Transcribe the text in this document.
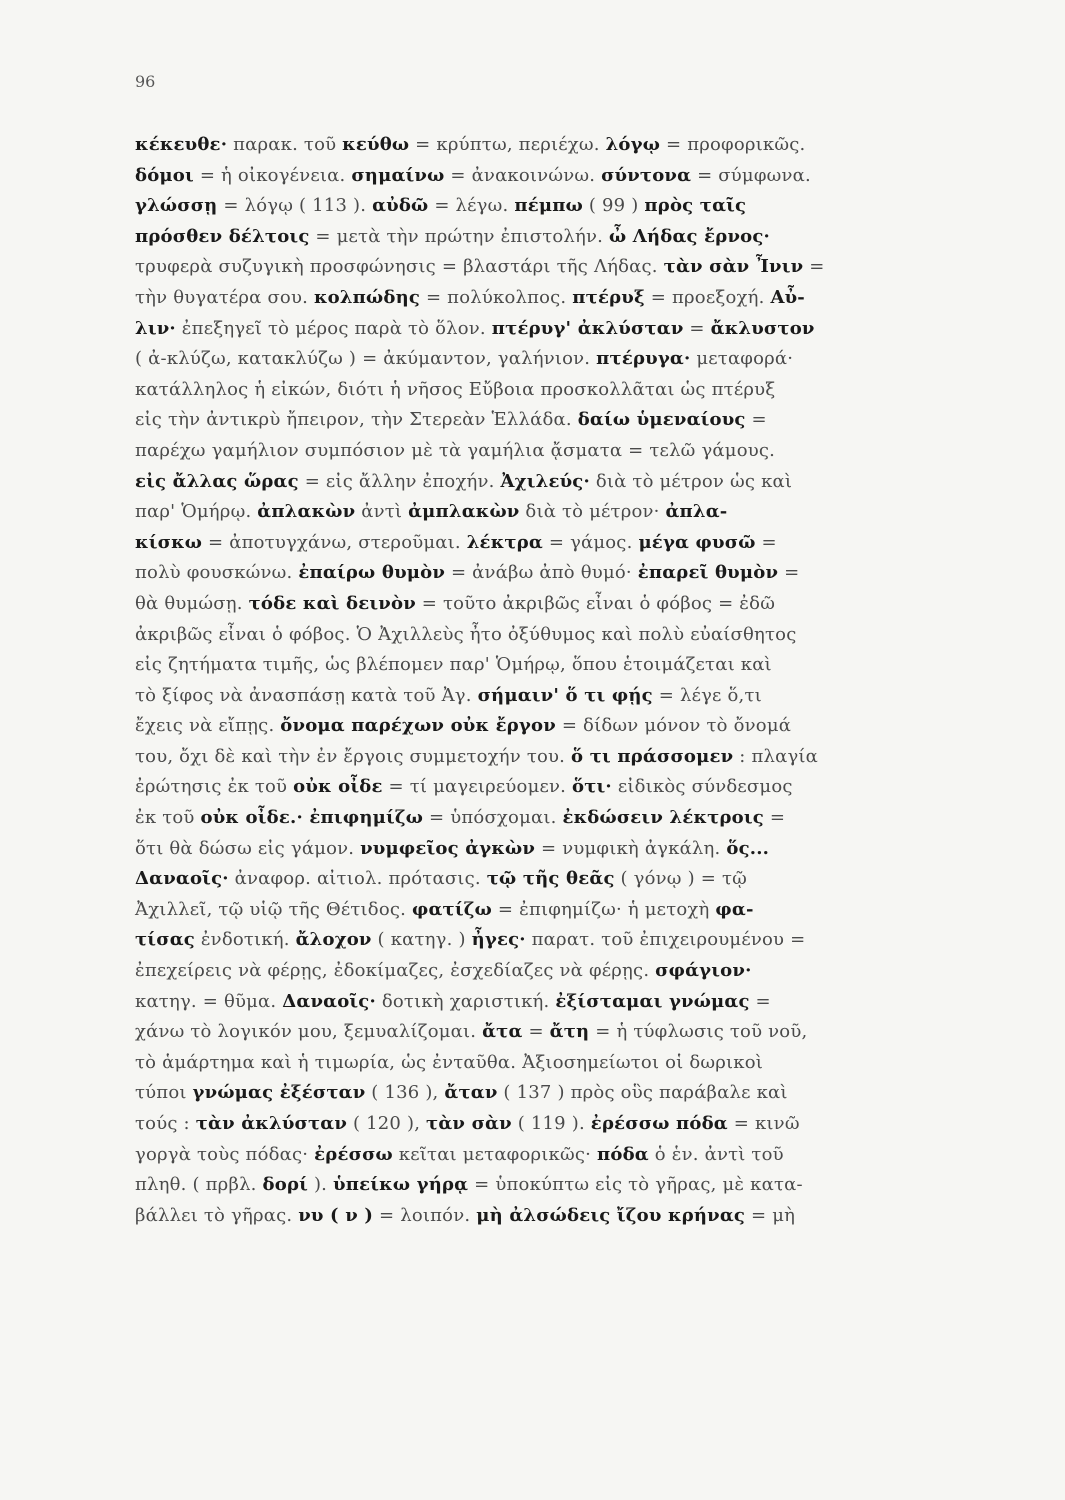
96
κέκευθε· παρακ. τοῦ κεύθω = κρύπτω, περιέχω. λόγῳ = προφορικῶς.
δόμοι = ἡ οἰκογένεια. σημαίνω = ἀνακοινώνω. σύντονα = σύμφωνα.
γλώσσῃ = λόγῳ ( 113 ). αὐδῶ = λέγω. πέμπω ( 99 ) πρὸς ταῖς
πρόσθεν δέλτοις = μετὰ τὴν πρώτην ἐπιστολήν. ὦ Λήδας ἔρνος·
τρυφερὰ συζυγικὴ προσφώνησις = βλαστάρι τῆς Λήδας. τὰν σὰν Ἶνιν =
τὴν θυγατέρα σου. κολπώδης = πολύκολπος. πτέρυξ = προεξοχή. Αὖ-
λιν· ἐπεξηγεῖ τὸ μέρος παρὰ τὸ ὅλον. πτέρυγ' ἀκλύσταν = ἄκλυστον
( ἀ-κλύζω, κατακλύζω ) = ἀκύμαντον, γαλήνιον. πτέρυγα· μεταφορά·
κατάλληλος ἡ εἰκών, διότι ἡ νῆσος Εὔβοια προσκολλᾶται ὡς πτέρυξ
εἰς τὴν ἀντικρὺ ἤπειρον, τὴν Στερεὰν Ἑλλάδα. δαίω ὑμεναίους =
παρέχω γαμήλιον συμπόσιον μὲ τὰ γαμήλια ᾄσματα = τελῶ γάμους.
εἰς ἄλλας ὥρας = εἰς ἄλλην ἐποχήν. Ἀχιλεύς· διὰ τὸ μέτρον ὡς καὶ
παρ' Ὁμήρῳ. ἀπλακὼν ἀντὶ ἀμπλακὼν διὰ τὸ μέτρον· ἀπλα-
κίσκω = ἀποτυγχάνω, στεροῦμαι. λέκτρα = γάμος. μέγα φυσῶ =
πολὺ φουσκώνω. ἐπαίρω θυμὸν = ἀνάβω ἀπὸ θυμό· ἐπαρεῖ θυμὸν =
θὰ θυμώσῃ. τόδε καὶ δεινὸν = τοῦτο ἀκριβῶς εἶναι ὁ φόβος = ἐδῶ
ἀκριβῶς εἶναι ὁ φόβος. Ὁ Ἀχιλλεὺς ἦτο ὀξύθυμος καὶ πολὺ εὐαίσθητος
εἰς ζητήματα τιμῆς, ὡς βλέπομεν παρ' Ὁμήρῳ, ὅπου ἑτοιμάζεται καὶ
τὸ ξίφος νὰ ἀνασπάσῃ κατὰ τοῦ Ἀγ. σήμαιν' ὅ τι φῄς = λέγε ὅ,τι
ἔχεις νὰ εἴπῃς. ὄνομα παρέχων οὐκ ἔργον = δίδων μόνον τὸ ὄνομά
του, ὄχι δὲ καὶ τὴν ἐν ἔργοις συμμετοχήν του. ὅ τι πράσσομεν : πλαγία
ἐρώτησις ἐκ τοῦ οὐκ οἶδε = τί μαγειρεύομεν. ὅτι· εἰδικὸς σύνδεσμος
ἐκ τοῦ οὐκ οἶδε.· ἐπιφημίζω = ὑπόσχομαι. ἐκδώσειν λέκτροις =
ὅτι θὰ δώσω εἰς γάμον. νυμφεῖος ἀγκὼν = νυμφικὴ ἀγκάλη. ὅς...
Δαναοῖς· ἀναφορ. αἰτιολ. πρότασις. τῷ τῆς θεᾶς ( γόνῳ ) = τῷ
Ἀχιλλεῖ, τῷ υἱῷ τῆς Θέτιδος. φατίζω = ἐπιφημίζω· ἡ μετοχὴ φα-
τίσας ἐνδοτική. ἄλοχον ( κατηγ. ) ἦγες· παρατ. τοῦ ἐπιχειρουμένου =
ἐπεχείρεις νὰ φέρῃς, ἐδοκίμαζες, ἐσχεδίαζες νὰ φέρῃς. σφάγιον·
κατηγ. = θῦμα. Δαναοῖς· δοτικὴ χαριστική. ἐξίσταμαι γνώμας =
χάνω τὸ λογικόν μου, ξεμυαλίζομαι. ἄτα = ἄτη = ἡ τύφλωσις τοῦ νοῦ,
τὸ ἁμάρτημα καὶ ἡ τιμωρία, ὡς ἐνταῦθα. Ἀξιοσημείωτοι οἱ δωρικοὶ
τύποι γνώμας ἐξέσταν ( 136 ), ἄταν ( 137 ) πρὸς οὓς παράβαλε καὶ
τούς : τὰν ἀκλύσταν ( 120 ), τὰν σὰν ( 119 ). ἐρέσσω πόδα = κινῶ
γοργὰ τοὺς πόδας· ἐρέσσω κεῖται μεταφορικῶς· πόδα ὁ ἑν. ἀντὶ τοῦ
πληθ. ( πρβλ. δορί ). ὑπείκω γήρᾳ = ὑποκύπτω εἰς τὸ γῆρας, μὲ κατα-
βάλλει τὸ γῆρας. νυ ( ν ) = λοιπόν. μὴ ἀλσώδεις ἴζου κρήνας = μὴ
